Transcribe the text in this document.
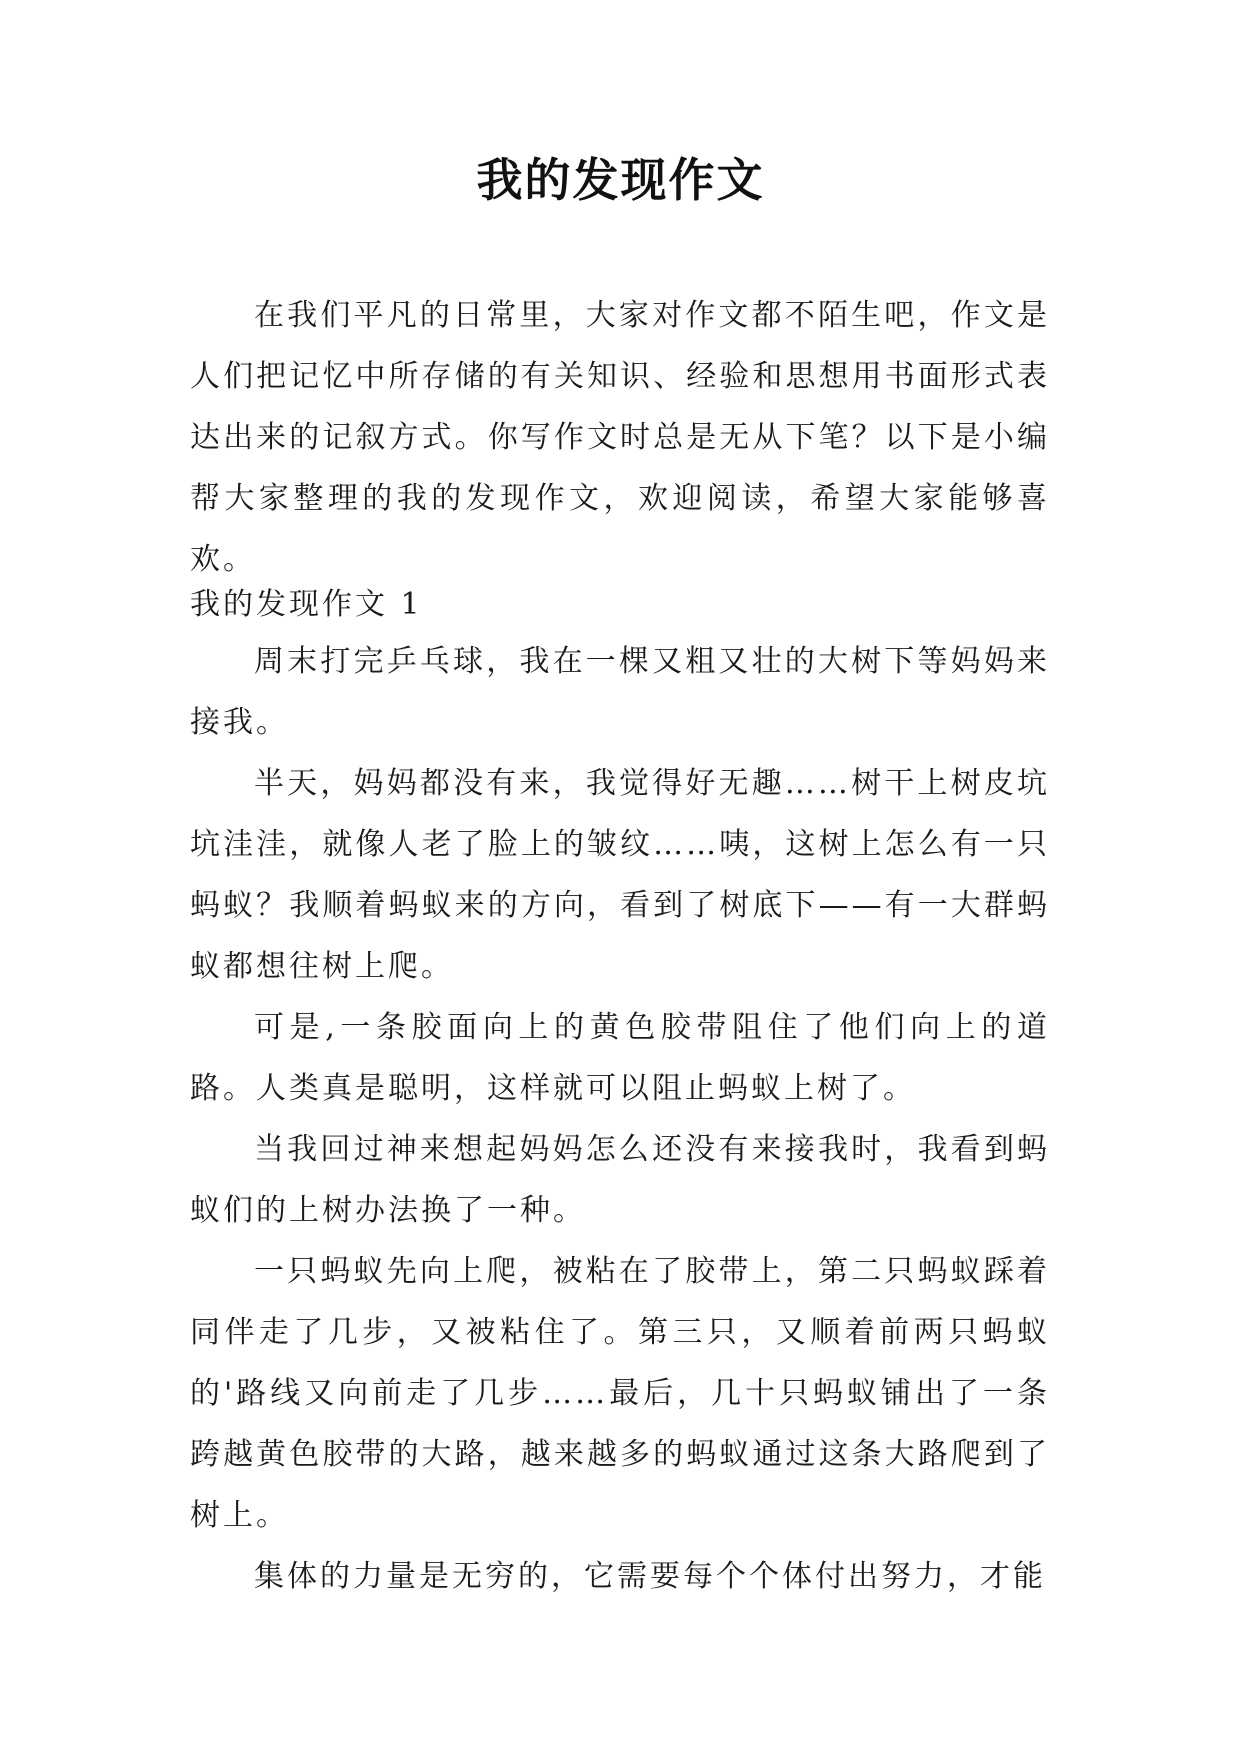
我的发现作文

在我们平凡的日常里，大家对作文都不陌生吧，作文是人们把记忆中所存储的有关知识、经验和思想用书面形式表达出来的记叙方式。你写作文时总是无从下笔？以下是小编帮大家整理的我的发现作文，欢迎阅读，希望大家能够喜欢。

我的发现作文 1

周末打完乒乓球，我在一棵又粗又壮的大树下等妈妈来接我。

半天，妈妈都没有来，我觉得好无趣……树干上树皮坑坑洼洼，就像人老了脸上的皱纹……咦，这树上怎么有一只蚂蚁？我顺着蚂蚁来的方向，看到了树底下——有一大群蚂蚁都想往树上爬。

可是,一条胶面向上的黄色胶带阻住了他们向上的道路。人类真是聪明，这样就可以阻止蚂蚁上树了。

当我回过神来想起妈妈怎么还没有来接我时，我看到蚂蚁们的上树办法换了一种。

一只蚂蚁先向上爬，被粘在了胶带上，第二只蚂蚁踩着同伴走了几步，又被粘住了。第三只，又顺着前两只蚂蚁的'路线又向前走了几步……最后，几十只蚂蚁铺出了一条跨越黄色胶带的大路，越来越多的蚂蚁通过这条大路爬到了树上。

集体的力量是无穷的，它需要每个个体付出努力，才能
